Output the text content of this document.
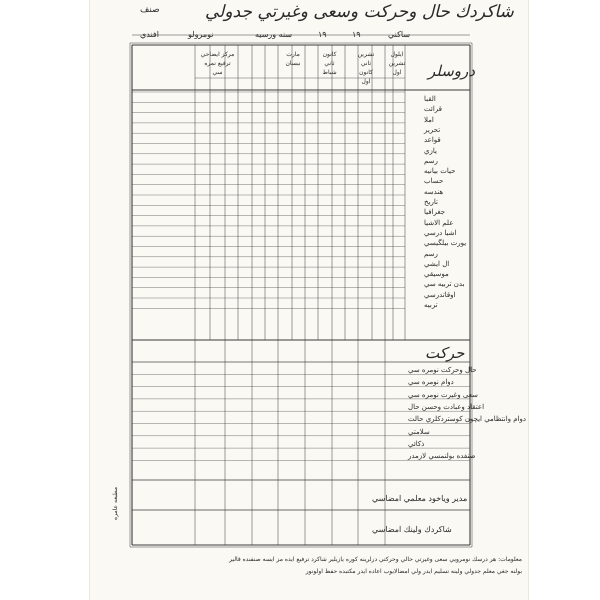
صنف	شاكردك حال وحركت وسعى وغيرتي جدولي
ساكني
١٩
١٩
سنه ورسيه
نومرولو
افندي
دروسلر
ايلول تشرين اول
تشرين ثاني كانون اول
كانون ثاني شباط
مارت نيسان
مركز ايضاحي ترفيع نمره سي
القبا
قرائت
املا
تحرير
قواعد
يازي
رسم
حيات بيانيه
حساب
هندسه
تاريخ
جغرافيا
علم الاشيا
اشيا درسي
يورت بيلگيسي
رسم
ال ايشي
موسيقي
بدن تربيه سي
اوقاتدرسي
تربيه
حال وحركت نومره سي
دوام نومره سي
سعى وغيرت نومره سي
اعتقاد وعبادت وحسن حال
دوام وانتظامي ايچون كوستردكلري حالت
سلامتي
ذكائي
صنفده بولنمسي لازمدر
حركت
مدير وياخود معلمي امضاسي
شاكردك ولينك امضاسي
معلومات: هر درسك نومرويي سعى وغيرتي حالي وحركتي درلرينه كوره يازيلير شاكرد ترفيع ايده مز ايسه صنفنده قالير
بولنه جغي معلم جدولي ولينه تسليم ايدر ولي امضالايوب اعاده ايدر مكتبده حفظ اولونور
مطبعه عامره
